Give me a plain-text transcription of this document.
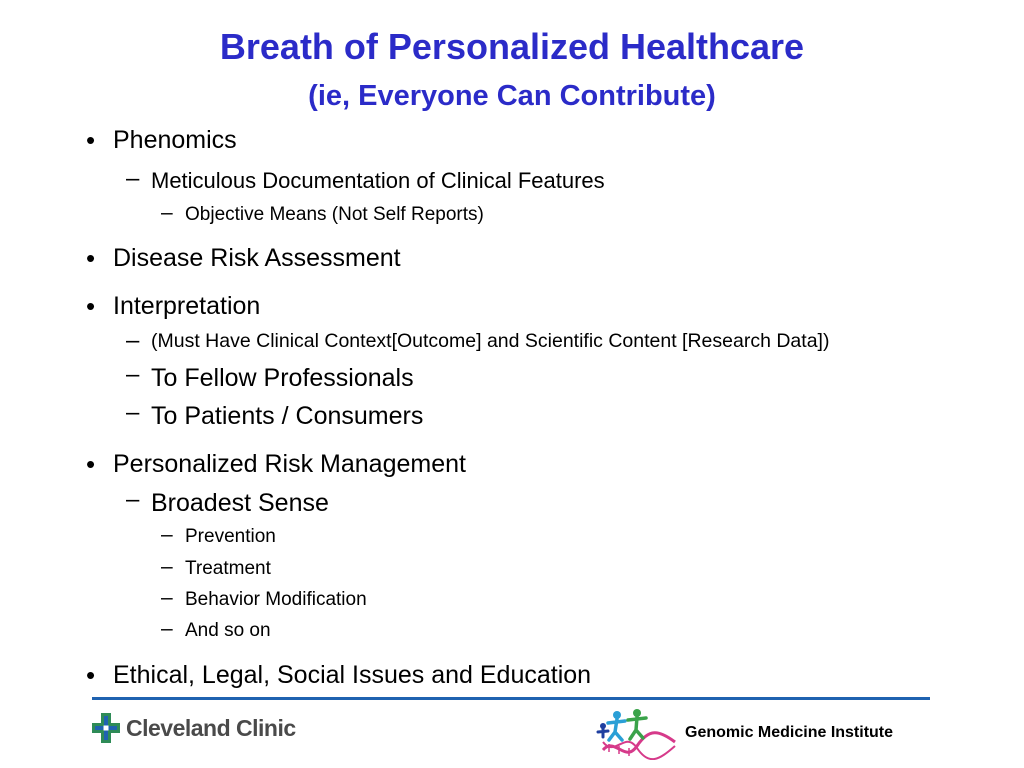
Breath of Personalized Healthcare
(ie, Everyone Can Contribute)
• Phenomics
– Meticulous Documentation of Clinical Features
– Objective Means (Not Self Reports)
• Disease Risk Assessment
• Interpretation
– (Must Have Clinical Context[Outcome] and Scientific Content [Research Data])
– To Fellow Professionals
– To Patients / Consumers
• Personalized Risk Management
– Broadest Sense
– Prevention
– Treatment
– Behavior Modification
– And so on
• Ethical, Legal, Social Issues and Education
Cleveland Clinic	Genomic Medicine Institute
